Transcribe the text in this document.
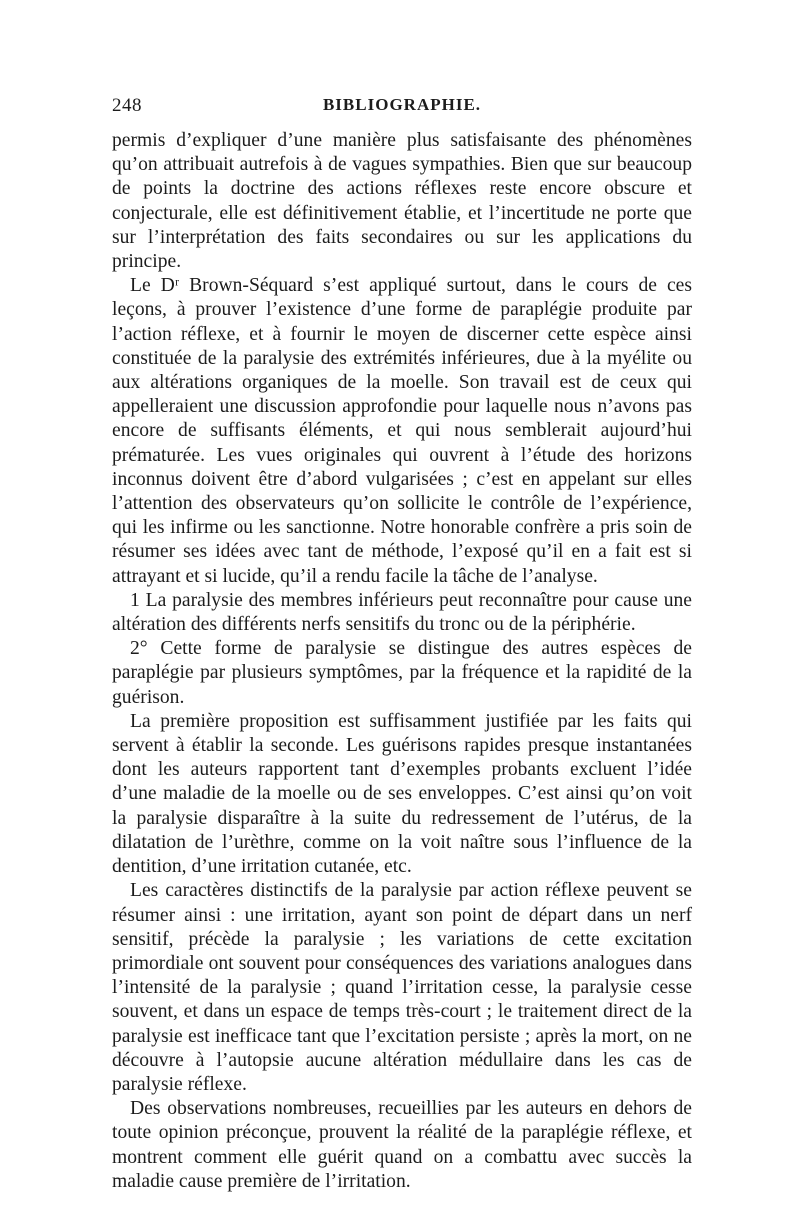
248	BIBLIOGRAPHIE.

permis d’expliquer d’une manière plus satisfaisante des phénomènes qu’on attribuait autrefois à de vagues sympathies. Bien que sur beaucoup de points la doctrine des actions réflexes reste encore obscure et conjecturale, elle est définitivement établie, et l’incertitude ne porte que sur l’interprétation des faits secondaires ou sur les applications du principe.

Le Dʳ Brown-Séquard s’est appliqué surtout, dans le cours de ces leçons, à prouver l’existence d’une forme de paraplégie produite par l’action réflexe, et à fournir le moyen de discerner cette espèce ainsi constituée de la paralysie des extrémités inférieures, due à la myélite ou aux altérations organiques de la moelle. Son travail est de ceux qui appelleraient une discussion approfondie pour laquelle nous n’avons pas encore de suffisants éléments, et qui nous semblerait aujourd’hui prématurée. Les vues originales qui ouvrent à l’étude des horizons inconnus doivent être d’abord vulgarisées ; c’est en appelant sur elles l’attention des observateurs qu’on sollicite le contrôle de l’expérience, qui les infirme ou les sanctionne. Notre honorable confrère a pris soin de résumer ses idées avec tant de méthode, l’exposé qu’il en a fait est si attrayant et si lucide, qu’il a rendu facile la tâche de l’analyse.

1 La paralysie des membres inférieurs peut reconnaître pour cause une altération des différents nerfs sensitifs du tronc ou de la périphérie.

2° Cette forme de paralysie se distingue des autres espèces de paraplégie par plusieurs symptômes, par la fréquence et la rapidité de la guérison.

La première proposition est suffisamment justifiée par les faits qui servent à établir la seconde. Les guérisons rapides presque instantanées dont les auteurs rapportent tant d’exemples probants excluent l’idée d’une maladie de la moelle ou de ses enveloppes. C’est ainsi qu’on voit la paralysie disparaître à la suite du redressement de l’utérus, de la dilatation de l’urèthre, comme on la voit naître sous l’influence de la dentition, d’une irritation cutanée, etc.

Les caractères distinctifs de la paralysie par action réflexe peuvent se résumer ainsi : une irritation, ayant son point de départ dans un nerf sensitif, précède la paralysie ; les variations de cette excitation primordiale ont souvent pour conséquences des variations analogues dans l’intensité de la paralysie ; quand l’irritation cesse, la paralysie cesse souvent, et dans un espace de temps très-court ; le traitement direct de la paralysie est inefficace tant que l’excitation persiste ; après la mort, on ne découvre à l’autopsie aucune altération médullaire dans les cas de paralysie réflexe.

Des observations nombreuses, recueillies par les auteurs en dehors de toute opinion préconçue, prouvent la réalité de la paraplégie réflexe, et montrent comment elle guérit quand on a combattu avec succès la maladie cause première de l’irritation.
